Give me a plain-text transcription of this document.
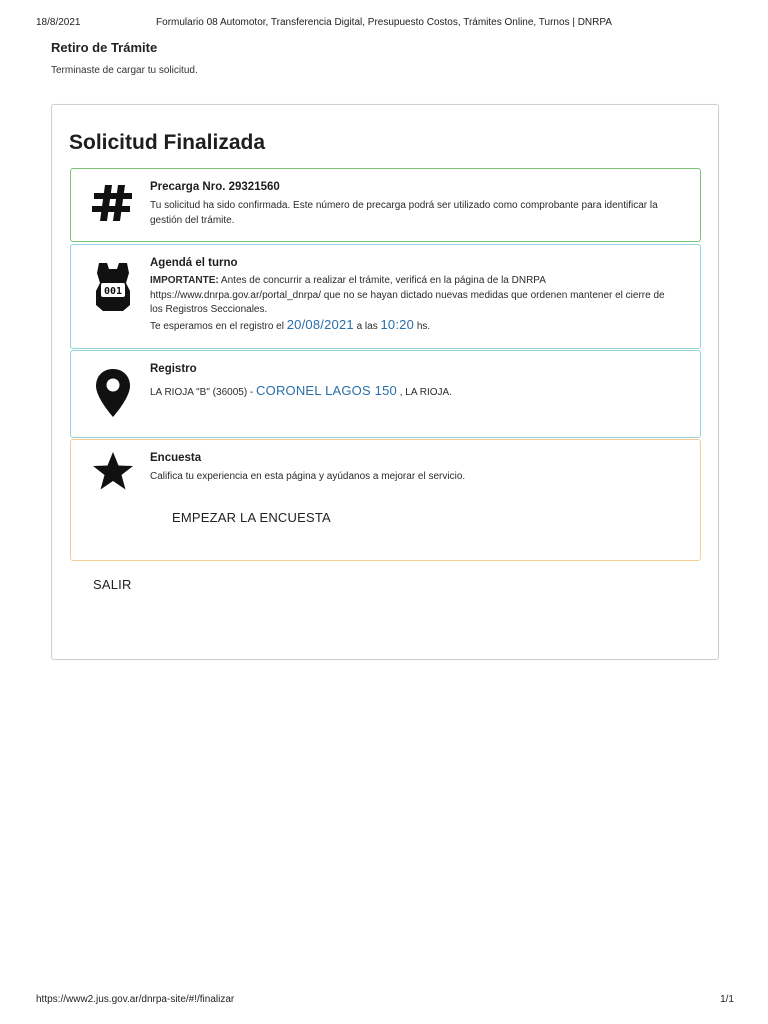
18/8/2021	Formulario 08 Automotor, Transferencia Digital, Presupuesto Costos, Trámites Online, Turnos | DNRPA
Retiro de Trámite
Terminaste de cargar tu solicitud.
Solicitud Finalizada
Precarga Nro. 29321560
Tu solicitud ha sido confirmada. Este número de precarga podrá ser utilizado como comprobante para identificar la gestión del trámite.
001
Agendá el turno
IMPORTANTE: Antes de concurrir a realizar el trámite, verificá en la página de la DNRPA https://www.dnrpa.gov.ar/portal_dnrpa/ que no se hayan dictado nuevas medidas que ordenen mantener el cierre de los Registros Seccionales.
Te esperamos en el registro el 20/08/2021 a las 10:20 hs.
Registro
LA RIOJA "B" (36005) - CORONEL LAGOS 150 , LA RIOJA.
Encuesta
Califica tu experiencia en esta página y ayúdanos a mejorar el servicio.
EMPEZAR LA ENCUESTA
SALIR
https://www2.jus.gov.ar/dnrpa-site/#!/finalizar	1/1
